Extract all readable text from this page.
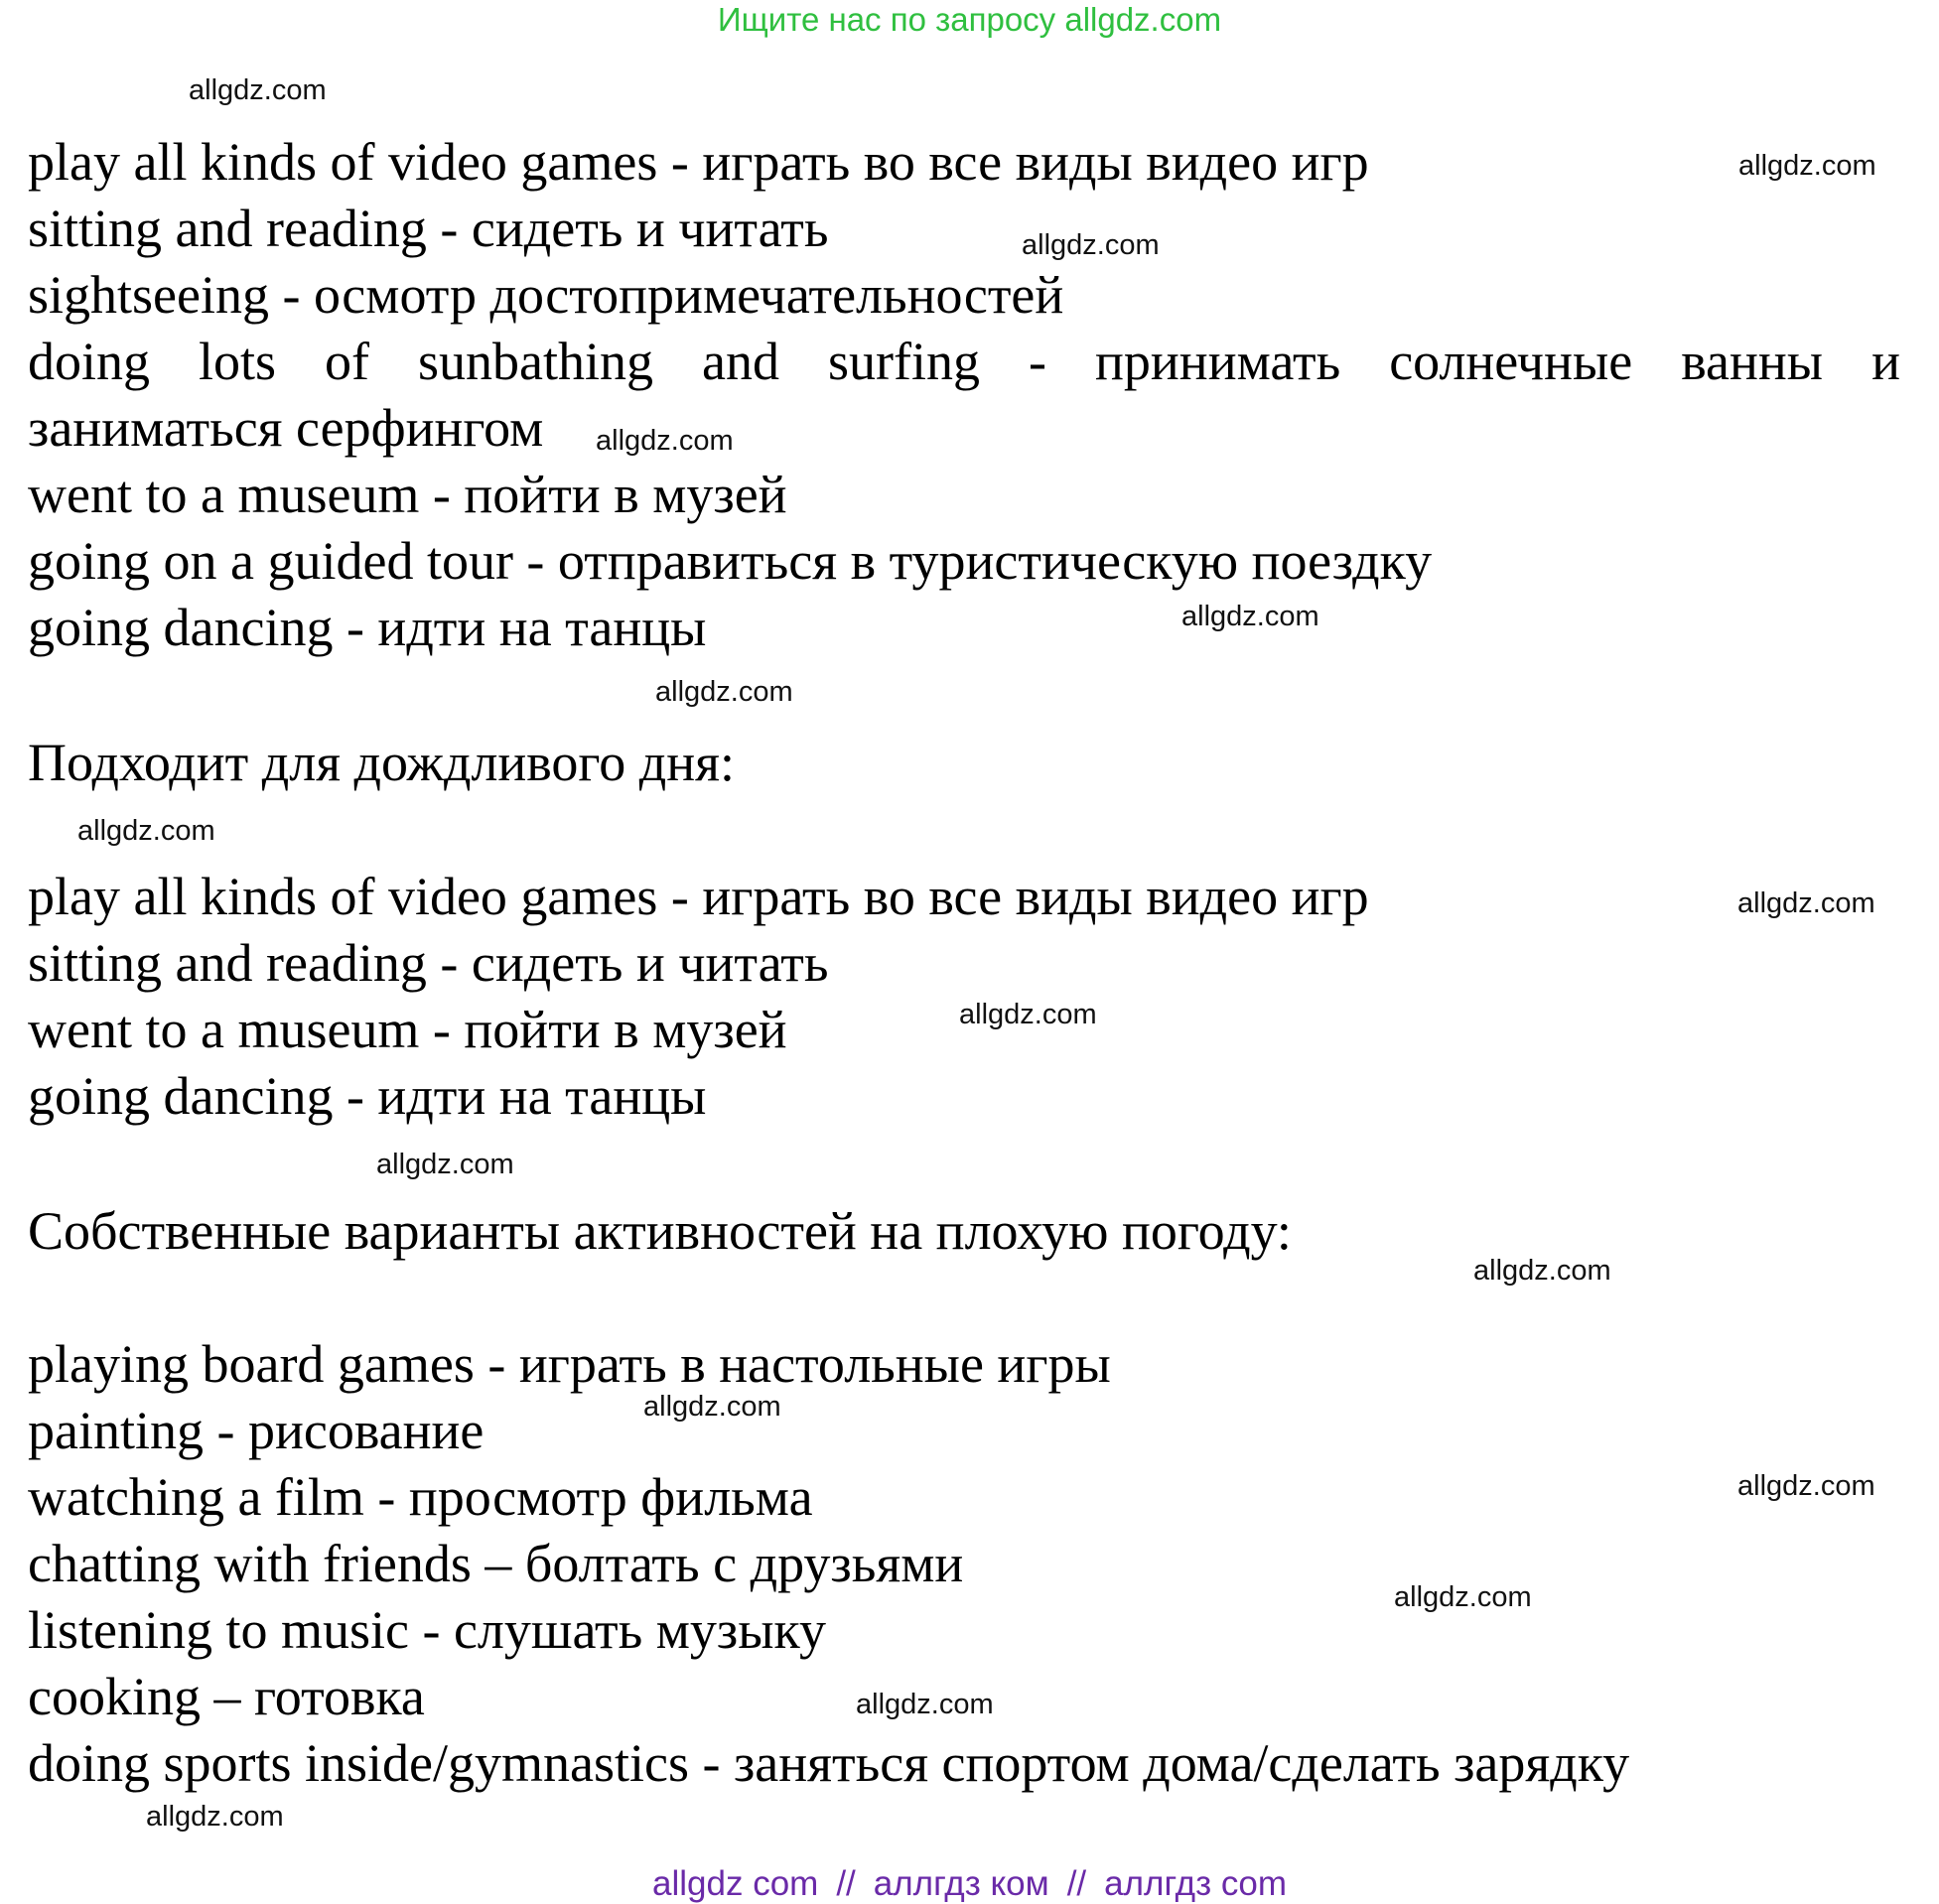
Ищите нас по запросу allgdz.com
play all kinds of video games - играть во все виды видео игр
sitting and reading - сидеть и читать
sightseeing - осмотр достопримечательностей
doing lots of sunbathing and surfing - принимать солнечные ванны и
заниматься серфингом
went to a museum - пойти в музей
going on a guided tour - отправиться в туристическую поездку
going dancing - идти на танцы
Подходит для дождливого дня:
play all kinds of video games - играть во все виды видео игр
sitting and reading - сидеть и читать
went to a museum - пойти в музей
going dancing - идти на танцы
Собственные варианты активностей на плохую погоду:
playing board games - играть в настольные игры
painting - рисование
watching a film - просмотр фильма
chatting with friends – болтать с друзьями
listening to music - слушать музыку
cooking – готовка
doing sports inside/gymnastics - заняться спортом дома/сделать зарядку
allgdz.com
allgdz.com
allgdz.com
allgdz.com
allgdz.com
allgdz.com
allgdz.com
allgdz.com
allgdz.com
allgdz.com
allgdz.com
allgdz.com
allgdz.com
allgdz.com
allgdz.com
allgdz.com
allgdz com // аллгдз ком // аллгдз com
